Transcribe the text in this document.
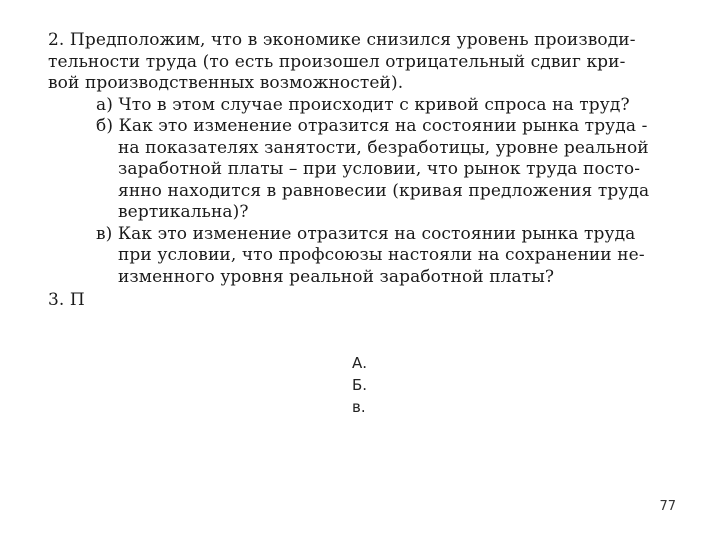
2. Предположим, что в экономике снизился уровень производи-
тельности труда (то есть произошел отрицательный сдвиг кри-
вой производственных возможностей).
а) Что в этом случае происходит с кривой спроса на труд?
б) Как это изменение отразится на состоянии рынка труда -
на показателях занятости, безработицы, уровне реальной
заработной платы – при условии, что рынок труда посто-
янно находится в равновесии (кривая предложения труда
вертикальна)?
в) Как это изменение отразится на состоянии рынка труда
при условии, что профсоюзы настояли на сохранении не-
изменного уровня реальной заработной платы?
3. П
А.
Б.
в.
77
